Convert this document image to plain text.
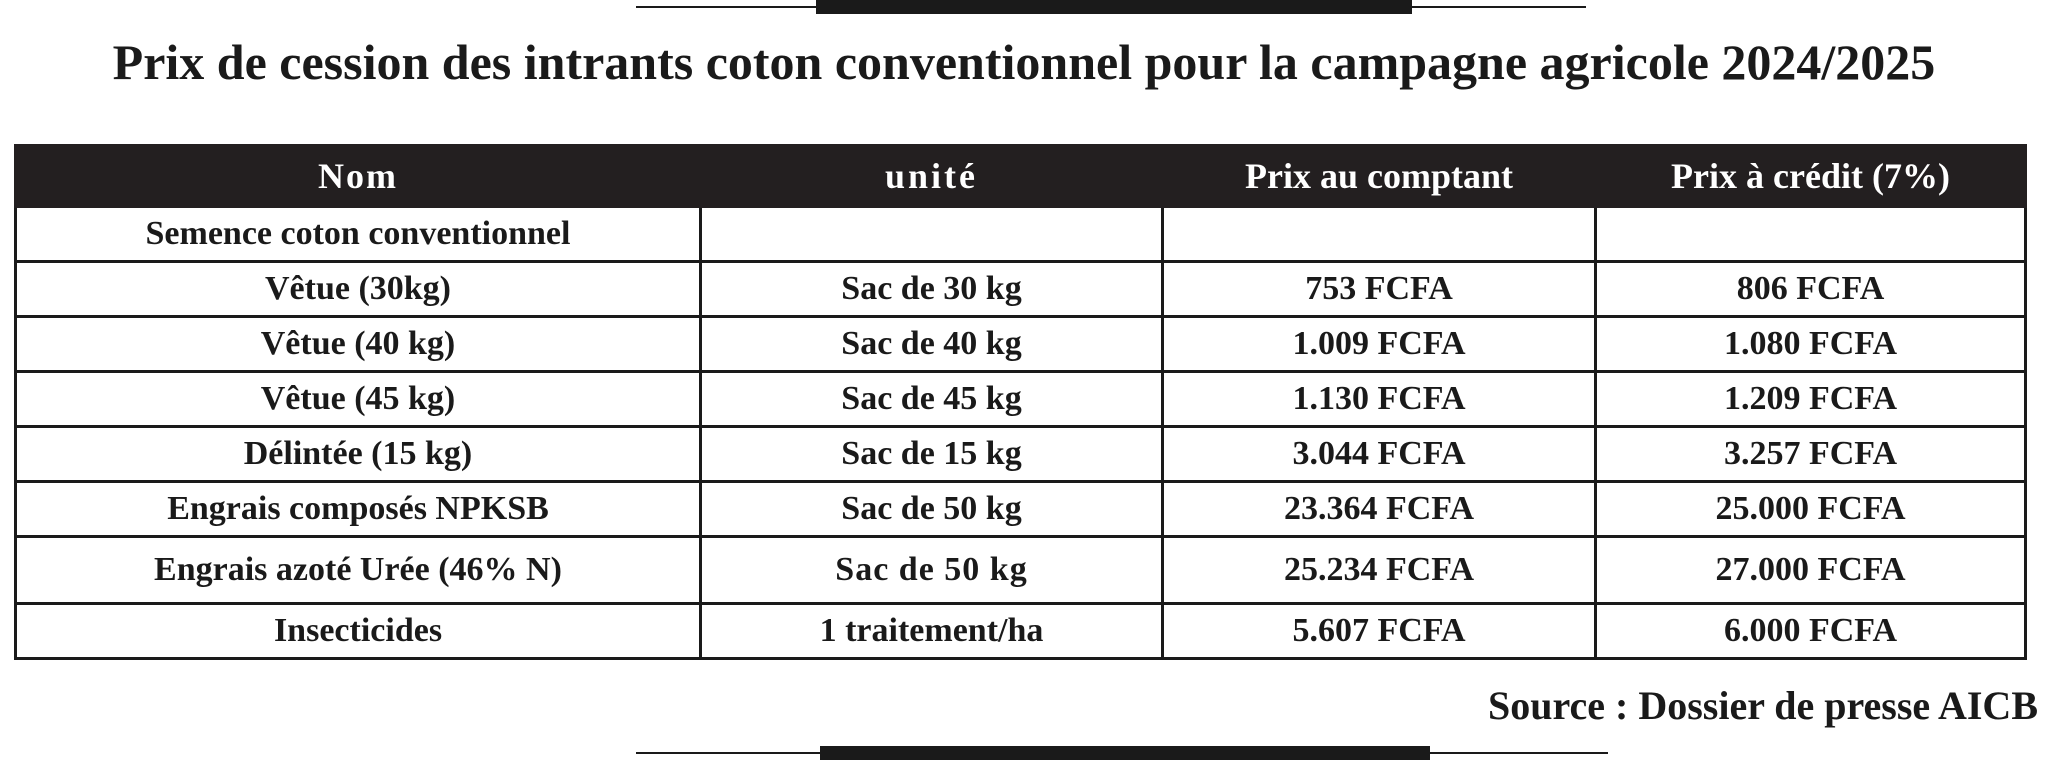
Prix de cession des intrants coton conventionnel pour la campagne agricole 2024/2025
Nom	unité	Prix au comptant	Prix à crédit (7%)
Semence coton conventionnel			
Vêtue (30kg)	Sac de 30 kg	753 FCFA	806 FCFA
Vêtue (40 kg)	Sac de 40 kg	1.009 FCFA	1.080 FCFA
Vêtue (45 kg)	Sac de 45 kg	1.130 FCFA	1.209 FCFA
Délintée (15 kg)	Sac de 15 kg	3.044 FCFA	3.257 FCFA
Engrais composés NPKSB	Sac de 50 kg	23.364 FCFA	25.000 FCFA
Engrais azoté Urée (46% N)	Sac de 50 kg	25.234 FCFA	27.000 FCFA
Insecticides	1 traitement/ha	5.607 FCFA	6.000 FCFA
Source : Dossier de presse AICB
